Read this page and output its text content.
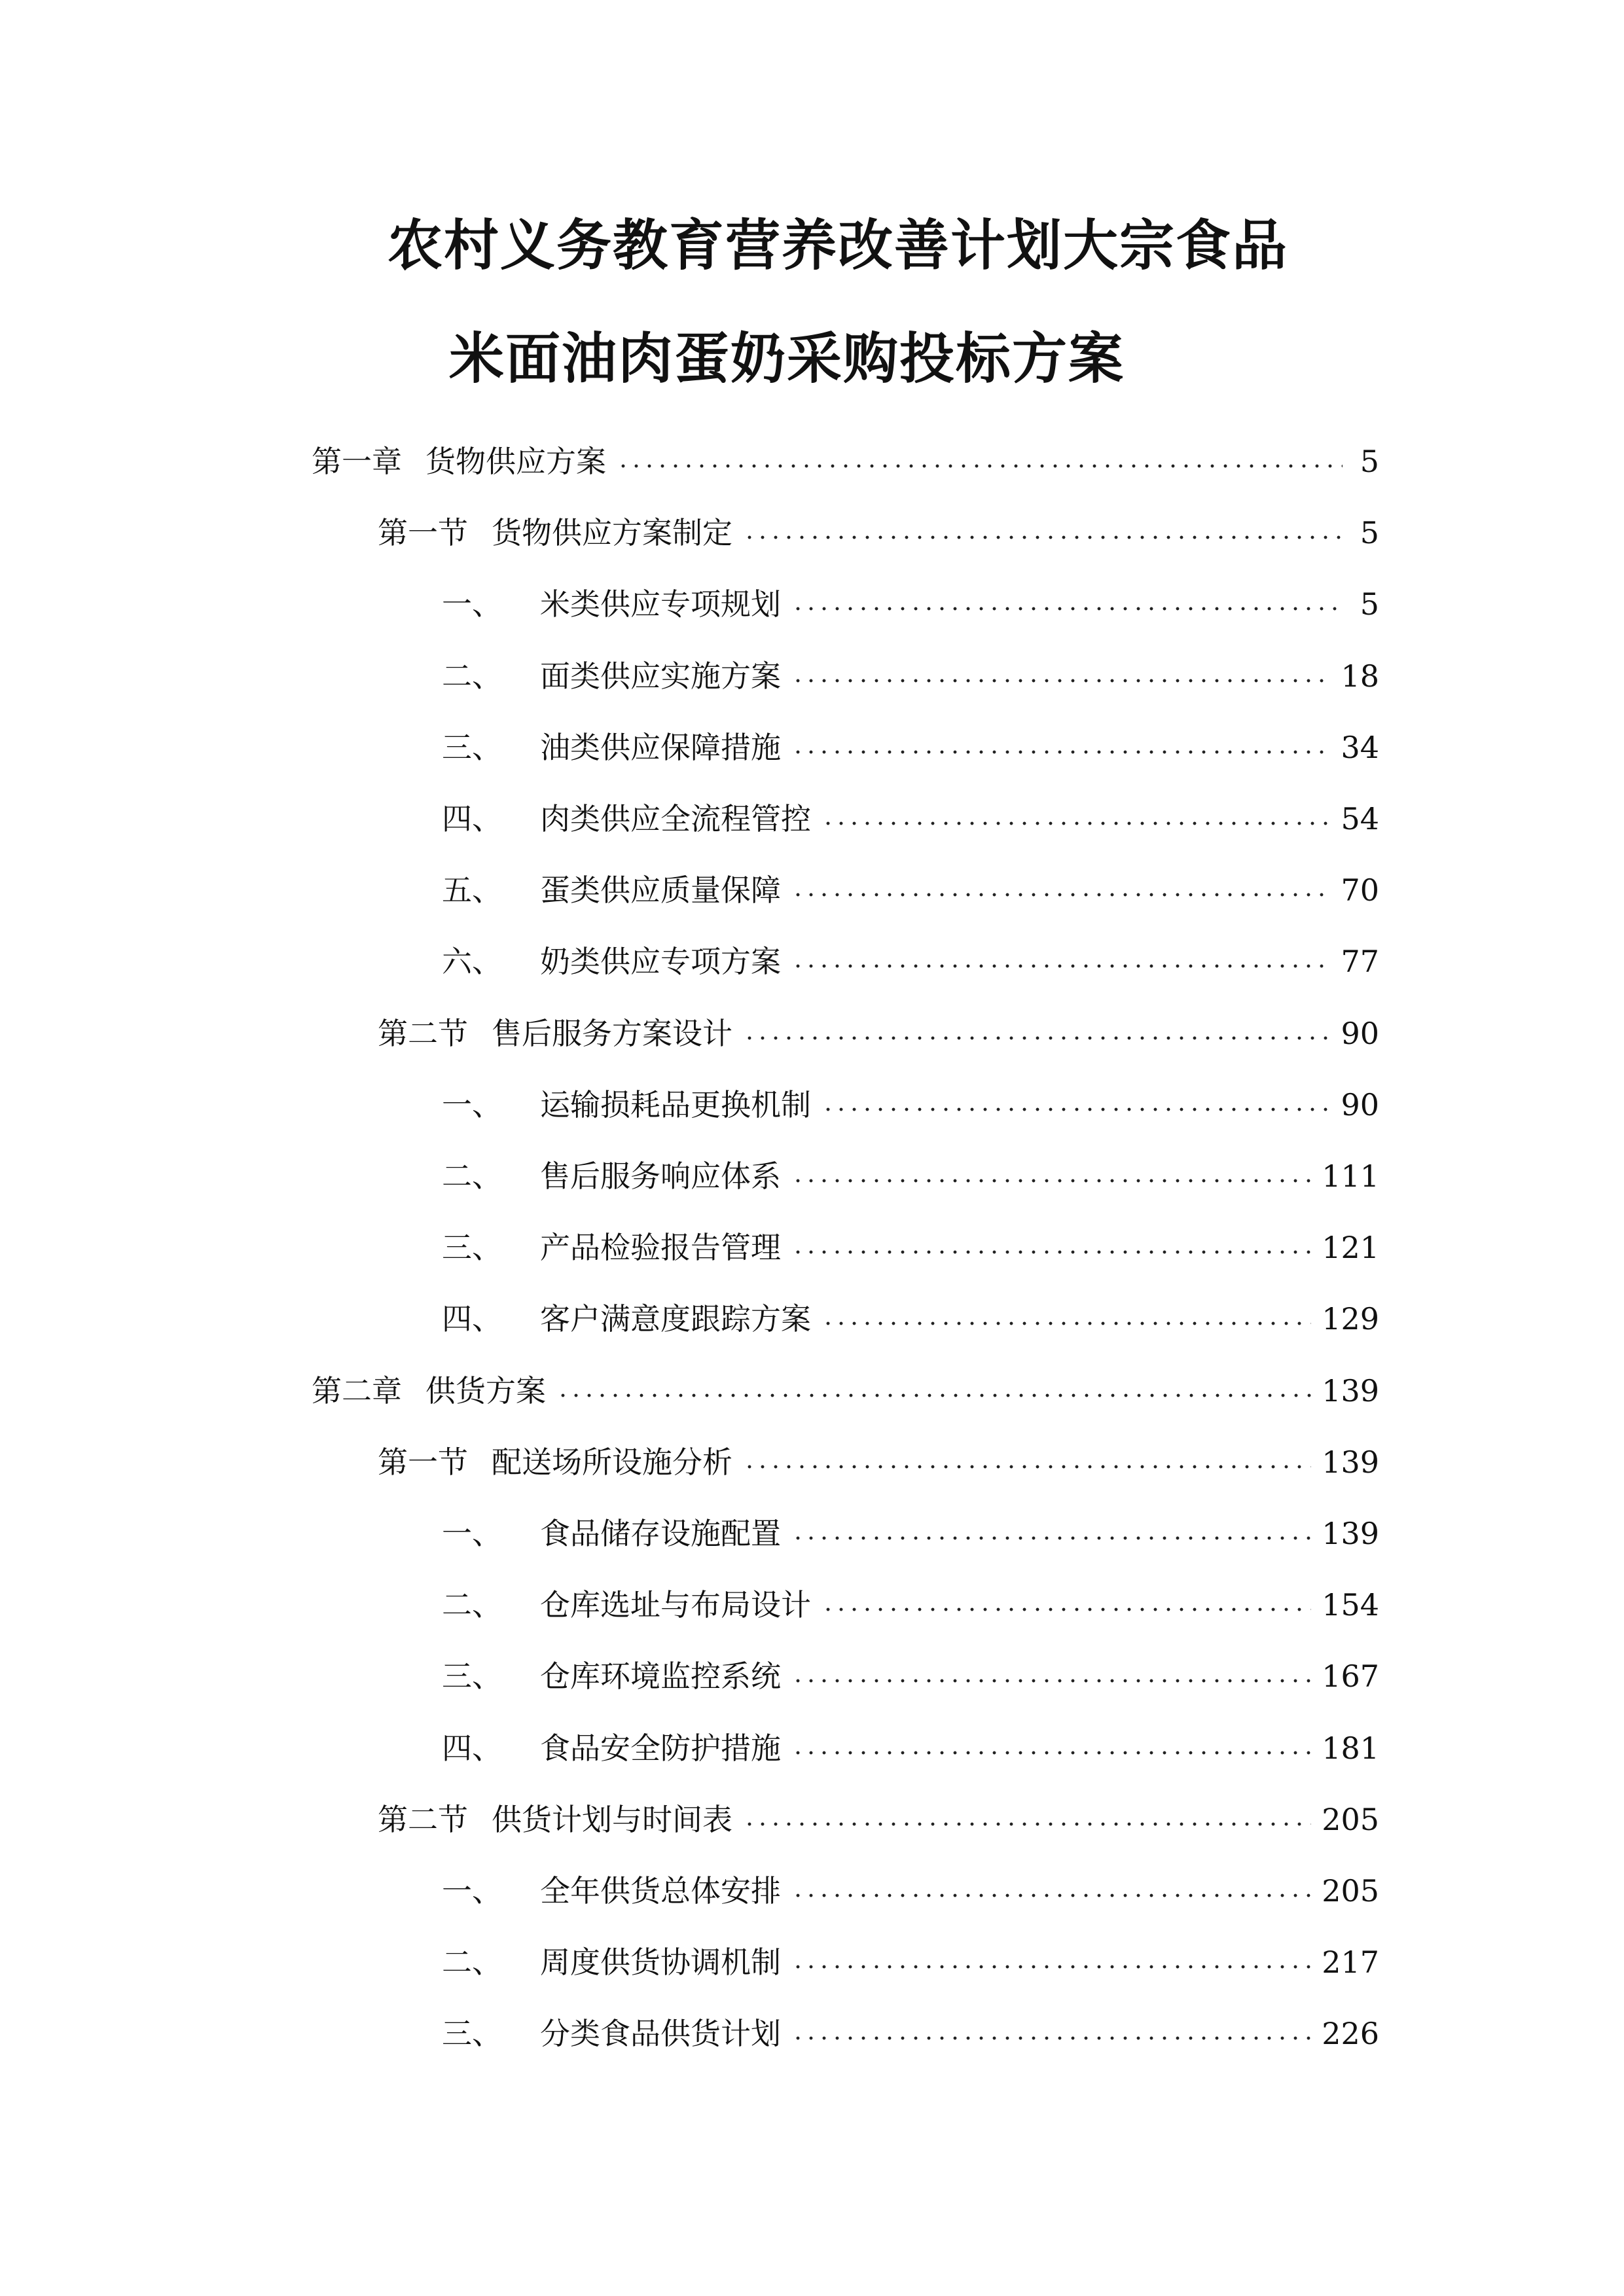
农村义务教育营养改善计划大宗食品
米面油肉蛋奶采购投标方案
第一章 货物供应方案	5
第一节 货物供应方案制定	5
一、	米类供应专项规划	5
二、	面类供应实施方案	18
三、	油类供应保障措施	34
四、	肉类供应全流程管控	54
五、	蛋类供应质量保障	70
六、	奶类供应专项方案	77
第二节 售后服务方案设计	90
一、	运输损耗品更换机制	90
二、	售后服务响应体系	111
三、	产品检验报告管理	121
四、	客户满意度跟踪方案	129
第二章 供货方案	139
第一节 配送场所设施分析	139
一、	食品储存设施配置	139
二、	仓库选址与布局设计	154
三、	仓库环境监控系统	167
四、	食品安全防护措施	181
第二节 供货计划与时间表	205
一、	全年供货总体安排	205
二、	周度供货协调机制	217
三、	分类食品供货计划	226
